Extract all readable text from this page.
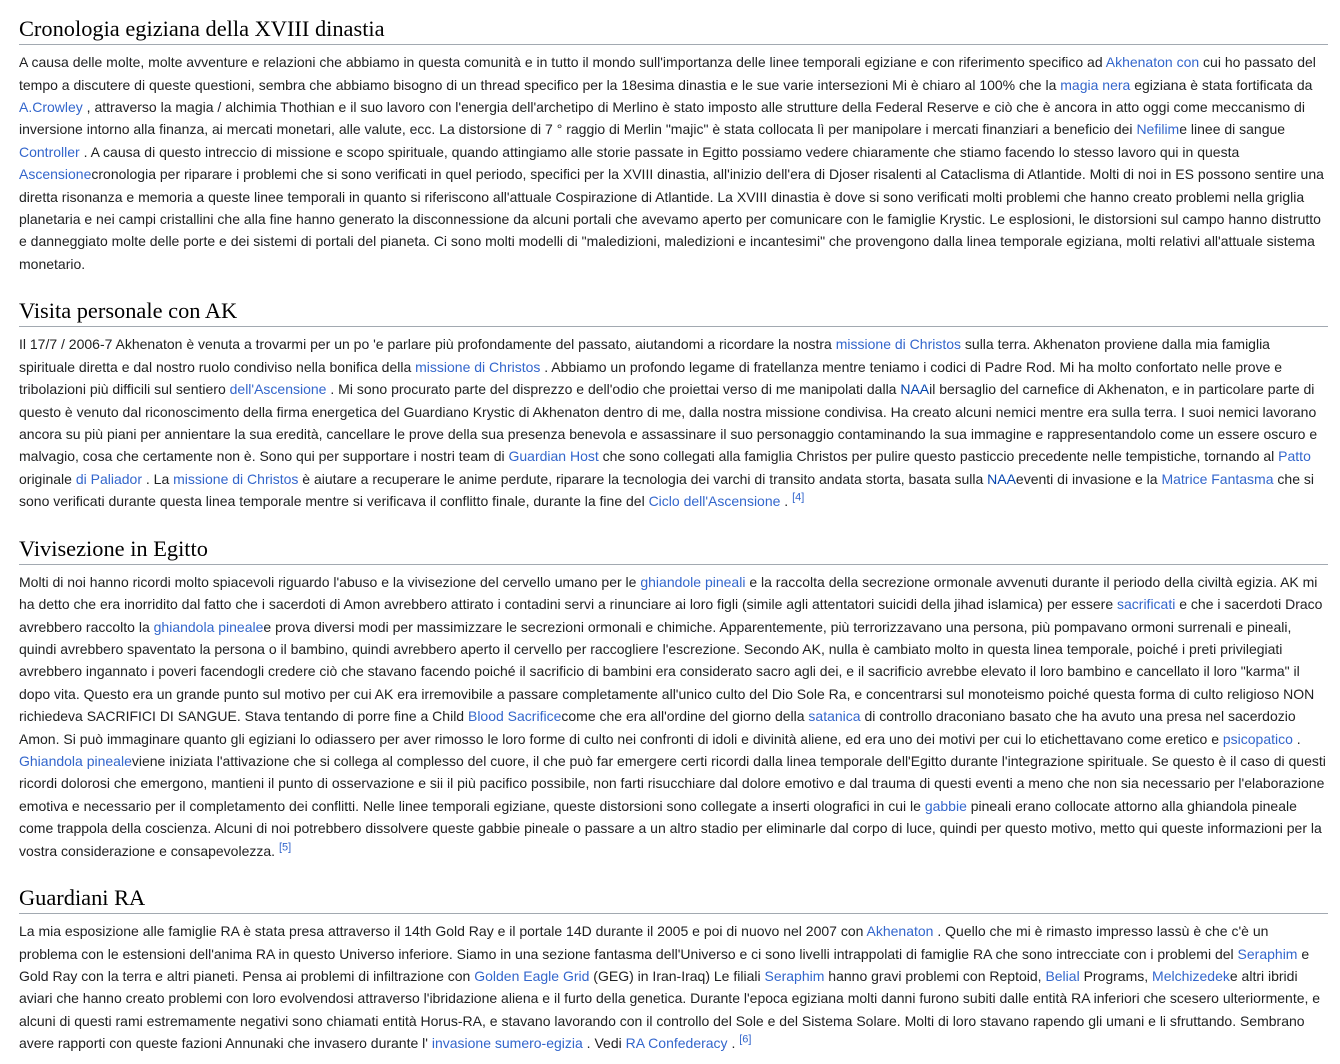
Cronologia egiziana della XVIII dinastia

A causa delle molte, molte avventure e relazioni che abbiamo in questa comunità e in tutto il mondo sull'importanza delle linee temporali egiziane e con riferimento specifico ad Akhenaton con cui ho passato del tempo a discutere di queste questioni, sembra che abbiamo bisogno di un thread specifico per la 18esima dinastia e le sue varie intersezioni Mi è chiaro al 100% che la magia nera egiziana è stata fortificata da A.Crowley , attraverso la magia / alchimia Thothian e il suo lavoro con l'energia dell'archetipo di Merlino è stato imposto alle strutture della Federal Reserve e ciò che è ancora in atto oggi come meccanismo di inversione intorno alla finanza, ai mercati monetari, alle valute, ecc. La distorsione di 7 ° raggio di Merlin "majic" è stata collocata lì per manipolare i mercati finanziari a beneficio dei Nefilime linee di sangue Controller . A causa di questo intreccio di missione e scopo spirituale, quando attingiamo alle storie passate in Egitto possiamo vedere chiaramente che stiamo facendo lo stesso lavoro qui in questa Ascensionecronologia per riparare i problemi che si sono verificati in quel periodo, specifici per la XVIII dinastia, all'inizio dell'era di Djoser risalenti al Cataclisma di Atlantide. Molti di noi in ES possono sentire una diretta risonanza e memoria a queste linee temporali in quanto si riferiscono all'attuale Cospirazione di Atlantide. La XVIII dinastia è dove si sono verificati molti problemi che hanno creato problemi nella griglia planetaria e nei campi cristallini che alla fine hanno generato la disconnessione da alcuni portali che avevamo aperto per comunicare con le famiglie Krystic. Le esplosioni, le distorsioni sul campo hanno distrutto e danneggiato molte delle porte e dei sistemi di portali del pianeta. Ci sono molti modelli di "maledizioni, maledizioni e incantesimi" che provengono dalla linea temporale egiziana, molti relativi all'attuale sistema monetario.

Visita personale con AK

Il 17/7 / 2006-7 Akhenaton è venuta a trovarmi per un po 'e parlare più profondamente del passato, aiutandomi a ricordare la nostra missione di Christos sulla terra. Akhenaton proviene dalla mia famiglia spirituale diretta e dal nostro ruolo condiviso nella bonifica della missione di Christos . Abbiamo un profondo legame di fratellanza mentre teniamo i codici di Padre Rod. Mi ha molto confortato nelle prove e tribolazioni più difficili sul sentiero dell'Ascensione . Mi sono procurato parte del disprezzo e dell'odio che proiettai verso di me manipolati dalla NAAil bersaglio del carnefice di Akhenaton, e in particolare parte di questo è venuto dal riconoscimento della firma energetica del Guardiano Krystic di Akhenaton dentro di me, dalla nostra missione condivisa. Ha creato alcuni nemici mentre era sulla terra. I suoi nemici lavorano ancora su più piani per annientare la sua eredità, cancellare le prove della sua presenza benevola e assassinare il suo personaggio contaminando la sua immagine e rappresentandolo come un essere oscuro e malvagio, cosa che certamente non è. Sono qui per supportare i nostri team di Guardian Host che sono collegati alla famiglia Christos per pulire questo pasticcio precedente nelle tempistiche, tornando al Patto originale di Paliador . La missione di Christos è aiutare a recuperare le anime perdute, riparare la tecnologia dei varchi di transito andata storta, basata sulla NAAeventi di invasione e la Matrice Fantasma che si sono verificati durante questa linea temporale mentre si verificava il conflitto finale, durante la fine del Ciclo dell'Ascensione . [4]

Vivisezione in Egitto

Molti di noi hanno ricordi molto spiacevoli riguardo l'abuso e la vivisezione del cervello umano per le ghiandole pineali e la raccolta della secrezione ormonale avvenuti durante il periodo della civiltà egizia. AK mi ha detto che era inorridito dal fatto che i sacerdoti di Amon avrebbero attirato i contadini servi a rinunciare ai loro figli (simile agli attentatori suicidi della jihad islamica) per essere sacrificati e che i sacerdoti Draco avrebbero raccolto la ghiandola pinealee prova diversi modi per massimizzare le secrezioni ormonali e chimiche. Apparentemente, più terrorizzavano una persona, più pompavano ormoni surrenali e pineali, quindi avrebbero spaventato la persona o il bambino, quindi avrebbero aperto il cervello per raccogliere l'escrezione. Secondo AK, nulla è cambiato molto in questa linea temporale, poiché i preti privilegiati avrebbero ingannato i poveri facendogli credere ciò che stavano facendo poiché il sacrificio di bambini era considerato sacro agli dei, e il sacrificio avrebbe elevato il loro bambino e cancellato il loro "karma" il dopo vita. Questo era un grande punto sul motivo per cui AK era irremovibile a passare completamente all'unico culto del Dio Sole Ra, e concentrarsi sul monoteismo poiché questa forma di culto religioso NON richiedeva SACRIFICI DI SANGUE. Stava tentando di porre fine a Child Blood Sacrificecome che era all'ordine del giorno della satanica di controllo draconiano basato che ha avuto una presa nel sacerdozio Amon. Si può immaginare quanto gli egiziani lo odiassero per aver rimosso le loro forme di culto nei confronti di idoli e divinità aliene, ed era uno dei motivi per cui lo etichettavano come eretico e psicopatico . Ghiandola pinealeviene iniziata l'attivazione che si collega al complesso del cuore, il che può far emergere certi ricordi dalla linea temporale dell'Egitto durante l'integrazione spirituale. Se questo è il caso di questi ricordi dolorosi che emergono, mantieni il punto di osservazione e sii il più pacifico possibile, non farti risucchiare dal dolore emotivo e dal trauma di questi eventi a meno che non sia necessario per l'elaborazione emotiva e necessario per il completamento dei conflitti. Nelle linee temporali egiziane, queste distorsioni sono collegate a inserti olografici in cui le gabbie pineali erano collocate attorno alla ghiandola pineale come trappola della coscienza. Alcuni di noi potrebbero dissolvere queste gabbie pineale o passare a un altro stadio per eliminarle dal corpo di luce, quindi per questo motivo, metto qui queste informazioni per la vostra considerazione e consapevolezza. [5]

Guardiani RA

La mia esposizione alle famiglie RA è stata presa attraverso il 14th Gold Ray e il portale 14D durante il 2005 e poi di nuovo nel 2007 con Akhenaton . Quello che mi è rimasto impresso lassù è che c'è un problema con le estensioni dell'anima RA in questo Universo inferiore. Siamo in una sezione fantasma dell'Universo e ci sono livelli intrappolati di famiglie RA che sono intrecciate con i problemi del Seraphim e Gold Ray con la terra e altri pianeti. Pensa ai problemi di infiltrazione con Golden Eagle Grid (GEG) in Iran-Iraq) Le filiali Seraphim hanno gravi problemi con Reptoid, Belial Programs, Melchizedeke altri ibridi aviari che hanno creato problemi con loro evolvendosi attraverso l'ibridazione aliena e il furto della genetica. Durante l'epoca egiziana molti danni furono subiti dalle entità RA inferiori che scesero ulteriormente, e alcuni di questi rami estremamente negativi sono chiamati entità Horus-RA, e stavano lavorando con il controllo del Sole e del Sistema Solare. Molti di loro stavano rapendo gli umani e li sfruttando. Sembrano avere rapporti con queste fazioni Annunaki che invasero durante l' invasione sumero-egizia . Vedi RA Confederacy . [6]
